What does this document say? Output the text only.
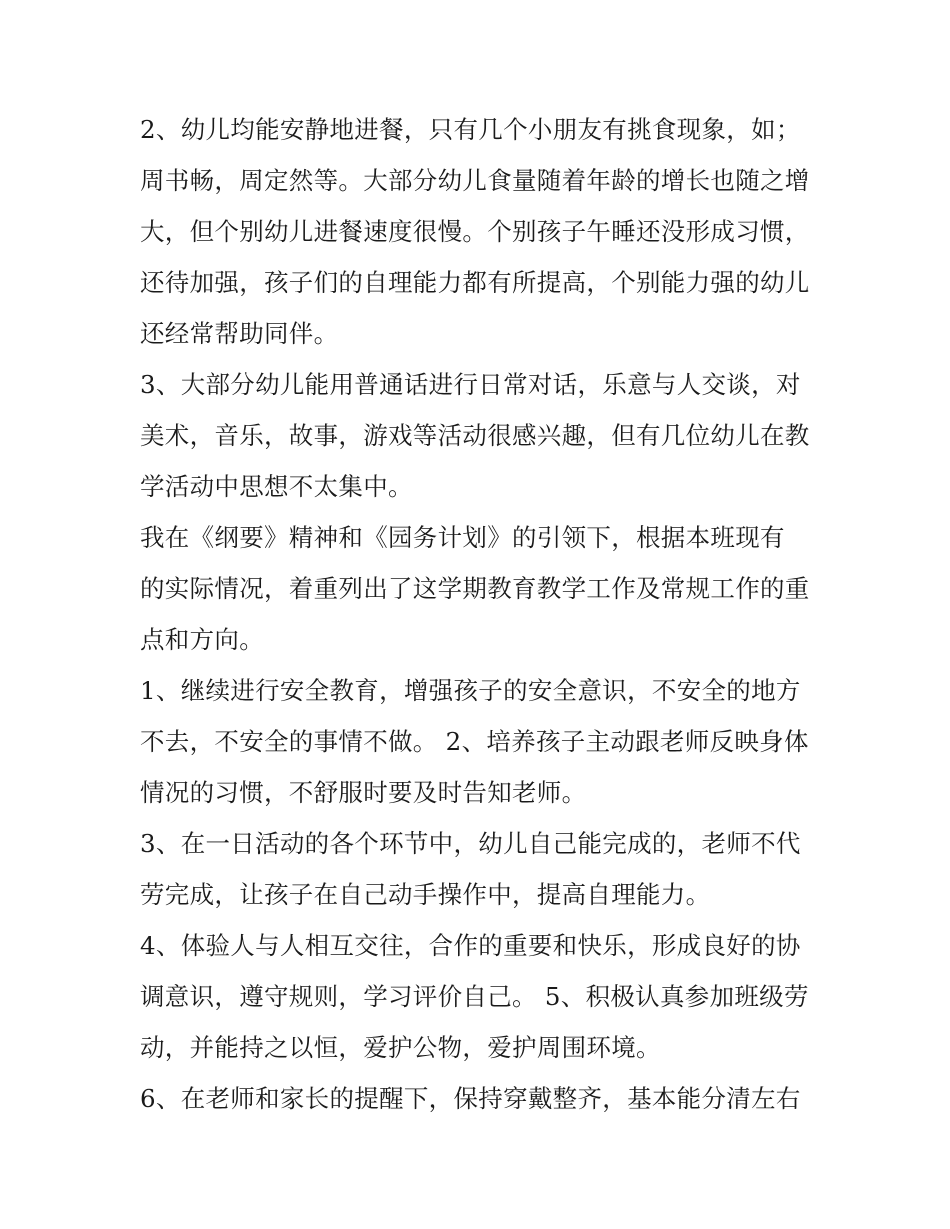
2、幼儿均能安静地进餐，只有几个小朋友有挑食现象，如；
周书畅，周定然等。大部分幼儿食量随着年龄的增长也随之增
大，但个别幼儿进餐速度很慢。个别孩子午睡还没形成习惯，
还待加强，孩子们的自理能力都有所提高，个别能力强的幼儿
还经常帮助同伴。
3、大部分幼儿能用普通话进行日常对话，乐意与人交谈，对
美术，音乐，故事，游戏等活动很感兴趣，但有几位幼儿在教
学活动中思想不太集中。
我在《纲要》精神和《园务计划》的引领下，根据本班现有
的实际情况，着重列出了这学期教育教学工作及常规工作的重
点和方向。
1、继续进行安全教育，增强孩子的安全意识，不安全的地方
不去，不安全的事情不做。 2、培养孩子主动跟老师反映身体
情况的习惯，不舒服时要及时告知老师。
3、在一日活动的各个环节中，幼儿自己能完成的，老师不代
劳完成，让孩子在自己动手操作中，提高自理能力。
4、体验人与人相互交往，合作的重要和快乐，形成良好的协
调意识，遵守规则，学习评价自己。 5、积极认真参加班级劳
动，并能持之以恒，爱护公物，爱护周围环境。
6、在老师和家长的提醒下，保持穿戴整齐，基本能分清左右
